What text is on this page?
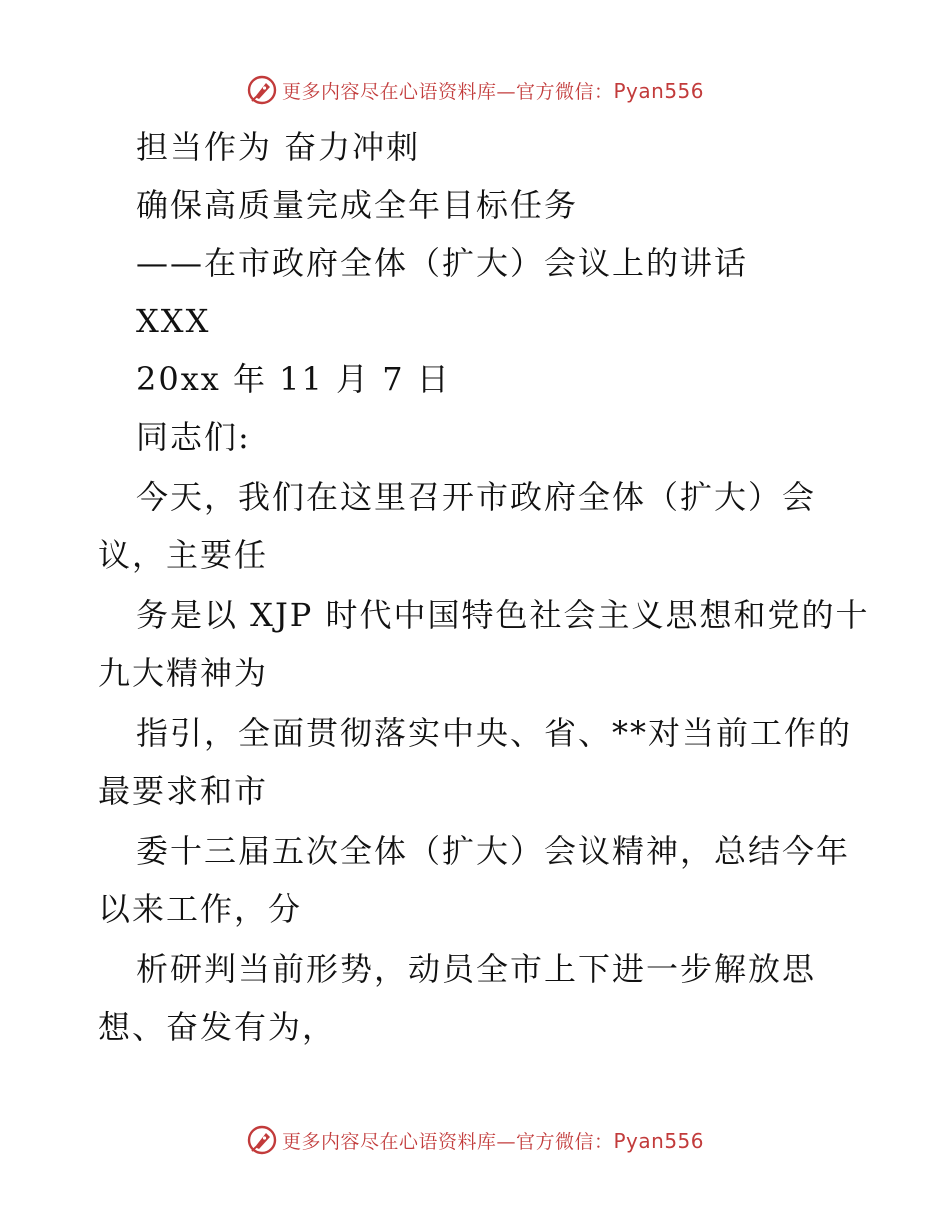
更多内容尽在心语资料库—官方微信：Pyan556
担当作为 奋力冲刺
确保高质量完成全年目标任务
——在市政府全体（扩大）会议上的讲话
XXX
20xx 年 11 月 7 日
同志们:
今天，我们在这里召开市政府全体（扩大）会
议，主要任
务是以 XJP 时代中国特色社会主义思想和党的十
九大精神为
指引，全面贯彻落实中央、省、**对当前工作的
最要求和市
委十三届五次全体（扩大）会议精神，总结今年
以来工作，分
析研判当前形势，动员全市上下进一步解放思
想、奋发有为，
更多内容尽在心语资料库—官方微信：Pyan556
